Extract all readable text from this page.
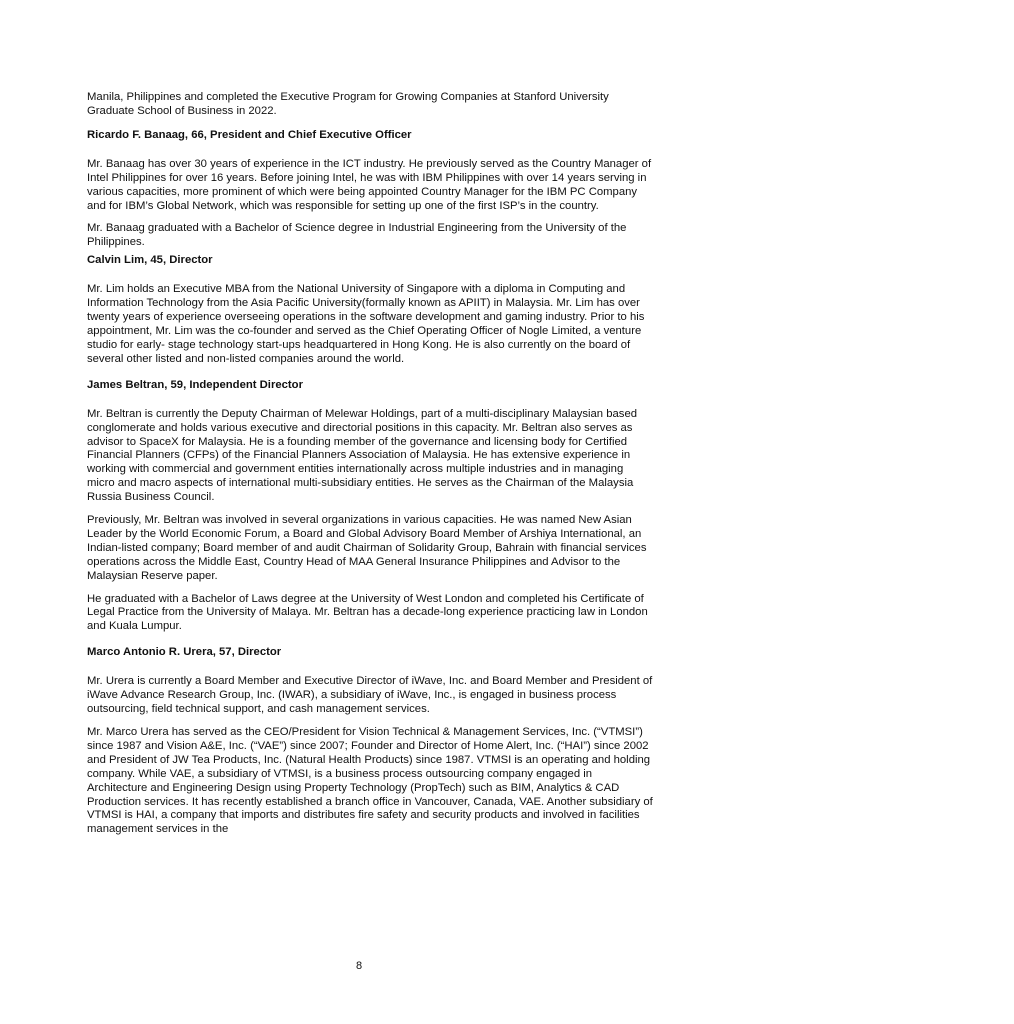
Manila, Philippines and completed the Executive Program for Growing Companies at Stanford University Graduate School of Business in 2022.

Ricardo F. Banaag, 66, President and Chief Executive Officer

Mr. Banaag has over 30 years of experience in the ICT industry. He previously served as the Country Manager of Intel Philippines for over 16 years. Before joining Intel, he was with IBM Philippines with over 14 years serving in various capacities, more prominent of which were being appointed Country Manager for the IBM PC Company and for IBM’s Global Network, which was responsible for setting up one of the first ISP’s in the country.

Mr. Banaag graduated with a Bachelor of Science degree in Industrial Engineering from the University of the Philippines.

Calvin Lim, 45, Director

Mr. Lim holds an Executive MBA from the National University of Singapore with a diploma in Computing and Information Technology from the Asia Pacific University(formally known as APIIT) in Malaysia. Mr. Lim has over twenty years of experience overseeing operations in the software development and gaming industry. Prior to his appointment, Mr. Lim was the co-founder and served as the Chief Operating Officer of Nogle Limited, a venture studio for early- stage technology start-ups headquartered in Hong Kong. He is also currently on the board of several other listed and non-listed companies around the world.

James Beltran, 59, Independent Director

Mr. Beltran is currently the Deputy Chairman of Melewar Holdings, part of a multi-disciplinary Malaysian based conglomerate and holds various executive and directorial positions in this capacity. Mr. Beltran also serves as advisor to SpaceX for Malaysia. He is a founding member of the governance and licensing body for Certified Financial Planners (CFPs) of the Financial Planners Association of Malaysia. He has extensive experience in working with commercial and government entities internationally across multiple industries and in managing micro and macro aspects of international multi-subsidiary entities. He serves as the Chairman of the Malaysia Russia Business Council.

Previously, Mr. Beltran was involved in several organizations in various capacities. He was named New Asian Leader by the World Economic Forum, a Board and Global Advisory Board Member of Arshiya International, an Indian-listed company; Board member of and audit Chairman of Solidarity Group, Bahrain with financial services operations across the Middle East, Country Head of MAA General Insurance Philippines and Advisor to the Malaysian Reserve paper.

He graduated with a Bachelor of Laws degree at the University of West London and completed his Certificate of Legal Practice from the University of Malaya. Mr. Beltran has a decade-long experience practicing law in London and Kuala Lumpur.

Marco Antonio R. Urera, 57, Director

Mr. Urera is currently a Board Member and Executive Director of iWave, Inc. and Board Member and President of iWave Advance Research Group, Inc. (IWAR), a subsidiary of iWave, Inc., is engaged in business process outsourcing, field technical support, and cash management services.

Mr. Marco Urera has served as the CEO/President for Vision Technical & Management Services, Inc. (“VTMSI”) since 1987 and Vision A&E, Inc. (“VAE”) since 2007; Founder and Director of Home Alert, Inc. (“HAI”) since 2002 and President of JW Tea Products, Inc. (Natural Health Products) since 1987. VTMSI is an operating and holding company. While VAE, a subsidiary of VTMSI, is a business process outsourcing company engaged in Architecture and Engineering Design using Property Technology (PropTech) such as BIM, Analytics & CAD Production services. It has recently established a branch office in Vancouver, Canada, VAE. Another subsidiary of VTMSI is HAI, a company that imports and distributes fire safety and security products and involved in facilities management services in the

8
